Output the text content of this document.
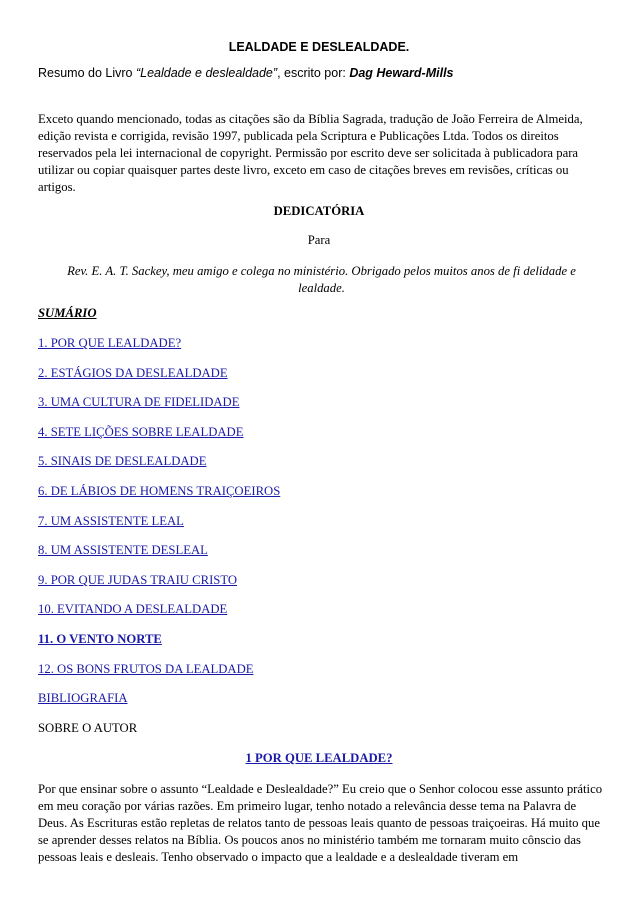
LEALDADE E DESLEALDADE.

Resumo do Livro “Lealdade e deslealdade”, escrito por: Dag Heward-Mills

Exceto quando mencionado, todas as citações são da Bíblia Sagrada, tradução de João Ferreira de Almeida, edição revista e corrigida, revisão 1997, publicada pela Scriptura e Publicações Ltda. Todos os direitos reservados pela lei internacional de copyright. Permissão por escrito deve ser solicitada à publicadora para utilizar ou copiar quaisquer partes deste livro, exceto em caso de citações breves em revisões, críticas ou artigos.

DEDICATÓRIA

Para

Rev. E. A. T. Sackey, meu amigo e colega no ministério. Obrigado pelos muitos anos de fi delidade e lealdade.

SUMÁRIO

1. POR QUE LEALDADE?
2. ESTÁGIOS DA DESLEALDADE
3. UMA CULTURA DE FIDELIDADE
4. SETE LIÇÕES SOBRE LEALDADE
5. SINAIS DE DESLEALDADE
6. DE LÁBIOS DE HOMENS TRAIÇOEIROS
7. UM ASSISTENTE LEAL
8. UM ASSISTENTE DESLEAL
9. POR QUE JUDAS TRAIU CRISTO
10. EVITANDO A DESLEALDADE
11. O VENTO NORTE
12. OS BONS FRUTOS DA LEALDADE
BIBLIOGRAFIA

SOBRE O AUTOR

1 POR QUE LEALDADE?

Por que ensinar sobre o assunto “Lealdade e Deslealdade?” Eu creio que o Senhor colocou esse assunto prático em meu coração por várias razões. Em primeiro lugar, tenho notado a relevância desse tema na Palavra de Deus. As Escrituras estão repletas de relatos tanto de pessoas leais quanto de pessoas traiçoeiras. Há muito que se aprender desses relatos na Bíblia. Os poucos anos no ministério também me tornaram muito cônscio das pessoas leais e desleais. Tenho observado o impacto que a lealdade e a deslealdade tiveram em
